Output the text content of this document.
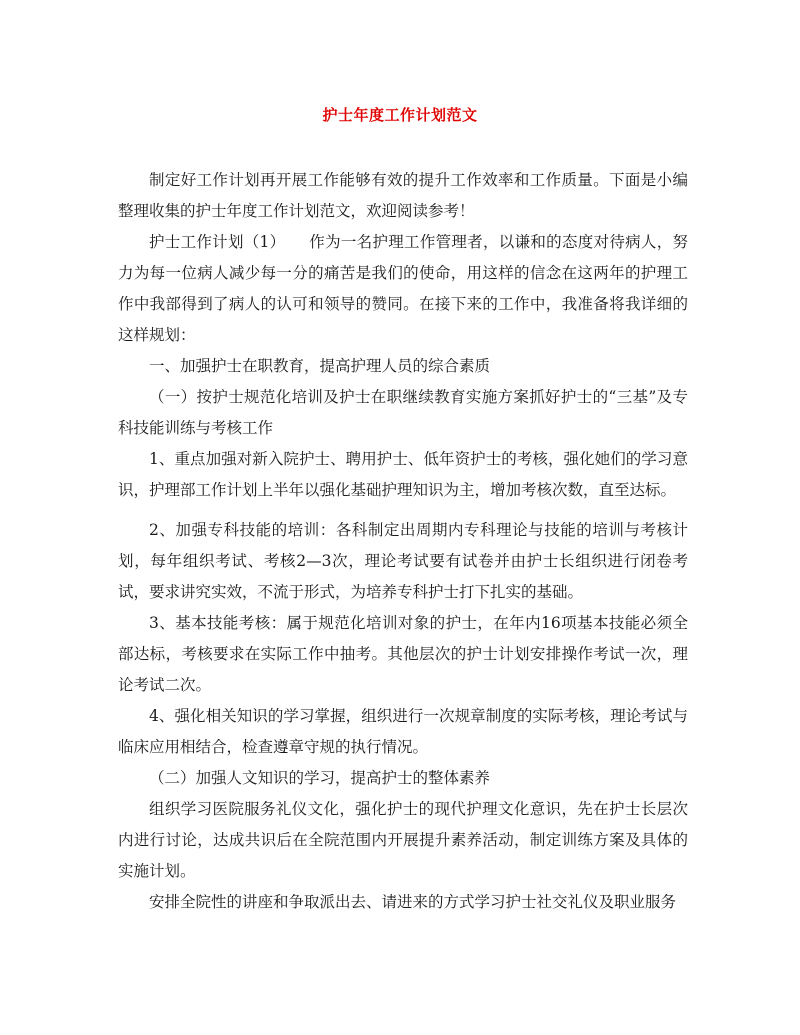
护士年度工作计划范文

制定好工作计划再开展工作能够有效的提升工作效率和工作质量。下面是小编整理收集的护士年度工作计划范文，欢迎阅读参考！

护士工作计划（1）　　作为一名护理工作管理者，以谦和的态度对待病人，努力为每一位病人减少每一分的痛苦是我们的使命，用这样的信念在这两年的护理工作中我部得到了病人的认可和领导的赞同。在接下来的工作中，我准备将我详细的这样规划：

一、加强护士在职教育，提高护理人员的综合素质

（一）按护士规范化培训及护士在职继续教育实施方案抓好护士的“三基”及专科技能训练与考核工作

1、重点加强对新入院护士、聘用护士、低年资护士的考核，强化她们的学习意识，护理部工作计划上半年以强化基础护理知识为主，增加考核次数，直至达标。

2、加强专科技能的培训：各科制定出周期内专科理论与技能的培训与考核计划，每年组织考试、考核2—3次，理论考试要有试卷并由护士长组织进行闭卷考试，要求讲究实效，不流于形式，为培养专科护士打下扎实的基础。

3、基本技能考核：属于规范化培训对象的护士，在年内16项基本技能必须全部达标，考核要求在实际工作中抽考。其他层次的护士计划安排操作考试一次，理论考试二次。

4、强化相关知识的学习掌握，组织进行一次规章制度的实际考核，理论考试与临床应用相结合，检查遵章守规的执行情况。

（二）加强人文知识的学习，提高护士的整体素养

组织学习医院服务礼仪文化，强化护士的现代护理文化意识，先在护士长层次内进行讨论，达成共识后在全院范围内开展提升素养活动，制定训练方案及具体的实施计划。

安排全院性的讲座和争取派出去、请进来的方式学习护士社交礼仪及职业服务
